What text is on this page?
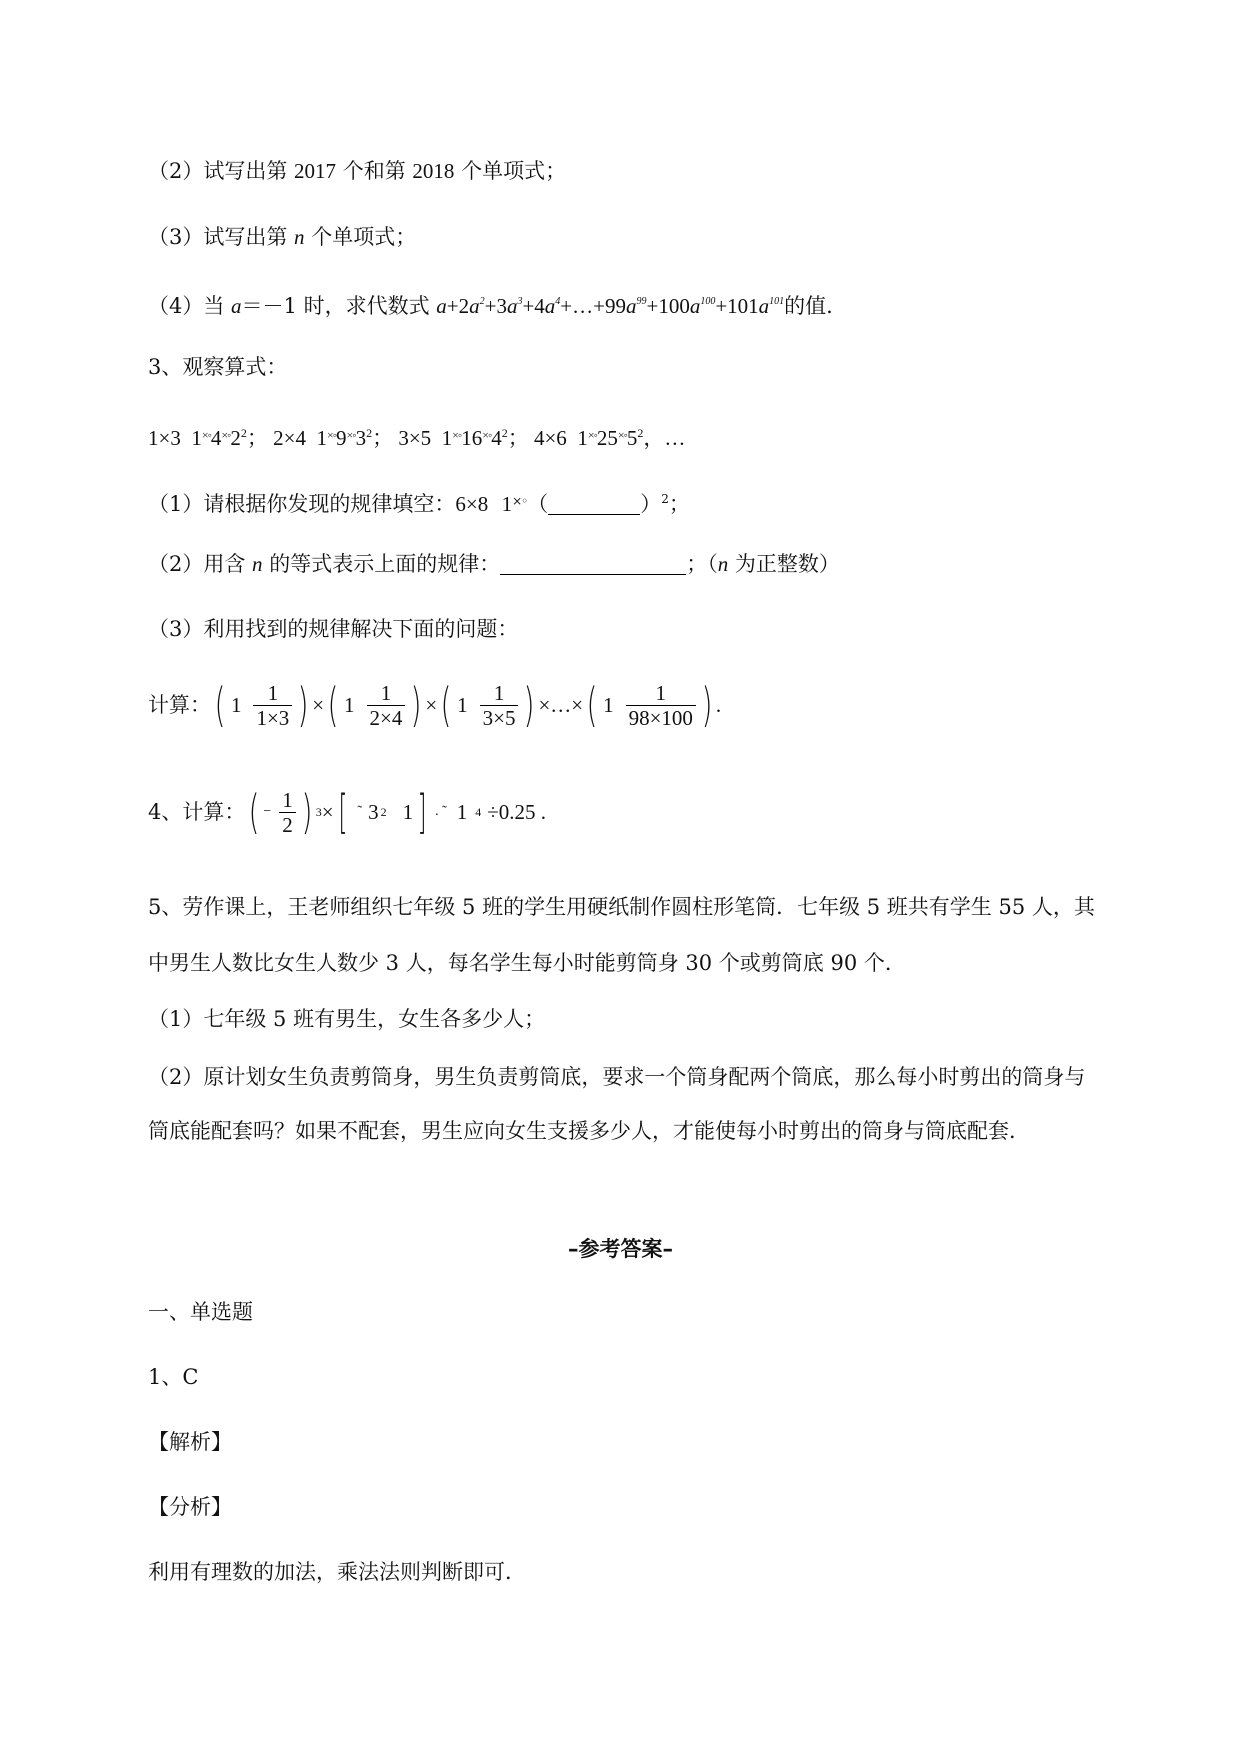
（2）试写出第 2017 个和第 2018 个单项式；
（3）试写出第 n 个单项式；
（4）当 a＝－1 时，求代数式 $a+2a^2+3a^3+4a^4+\dots+99a^{99}+100a^{100}+101a^{101}$的值.
3、观察算式：
1×3 $1^{\times◦}4^{\times◦}2^2$； 2×4 $1^{\times◦}9^{\times◦}3^2$； 3×5 $1^{\times◦}16^{\times◦}4^2$； 4×6 $1^{\times◦}25^{\times◦}5^2$，…
（1）请根据你发现的规律填空：6×8 1×◦（	）$^2$；
（2）用含 n 的等式表示上面的规律：	；（n 为正整数）
（3）利用找到的规律解决下面的问题：
计算： ( $1 \frac{1}{1\times 3}$ ) × ( $1 \frac{1}{2\times 4}$ ) × ( $1 \frac{1}{3\times 5}$ ) ×…× ( $1 \frac{1}{98\times 100}$ ) .
4、计算： ( − $\frac{1}{2}$ ) 3 × [ ˜ 3 2 1 ] . ˜ 1 4 ÷0.25 .
5、劳作课上，王老师组织七年级 5 班的学生用硬纸制作圆柱形笔筒．七年级 5 班共有学生 55 人，其
中男生人数比女生人数少 3 人，每名学生每小时能剪筒身 30 个或剪筒底 90 个．
（1）七年级 5 班有男生，女生各多少人；
（2）原计划女生负责剪筒身，男生负责剪筒底，要求一个筒身配两个筒底，那么每小时剪出的筒身与
筒底能配套吗？如果不配套，男生应向女生支援多少人，才能使每小时剪出的筒身与筒底配套．
–参考答案–
一、单选题
1、C
【解析】
【分析】
利用有理数的加法，乘法法则判断即可．
